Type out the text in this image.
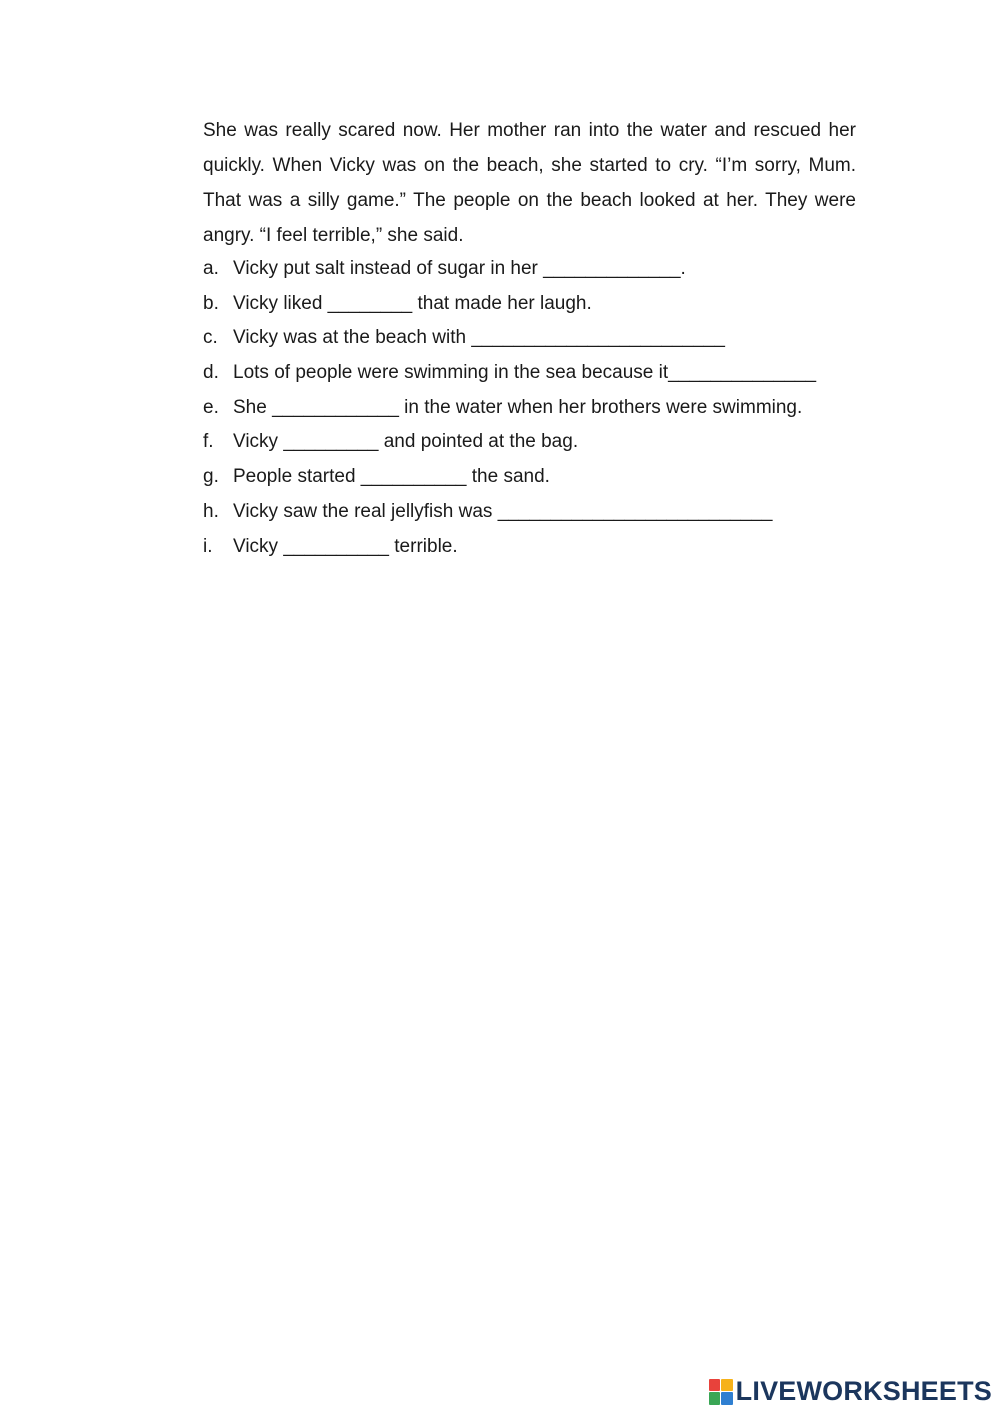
She was really scared now. Her mother ran into the water and rescued her quickly. When Vicky was on the beach, she started to cry. “I’m sorry, Mum. That was a silly game.” The people on the beach looked at her. They were angry. “I feel terrible,” she said.

a. Vicky put salt instead of sugar in her _____________.
b. Vicky liked ________ that made her laugh.
c. Vicky was at the beach with ________________________
d. Lots of people were swimming in the sea because it______________
e. She ____________ in the water when her brothers were swimming.
f. Vicky _________ and pointed at the bag.
g. People started __________ the sand.
h. Vicky saw the real jellyfish was __________________________
i. Vicky __________ terrible.
LIVEWORKSHEETS
